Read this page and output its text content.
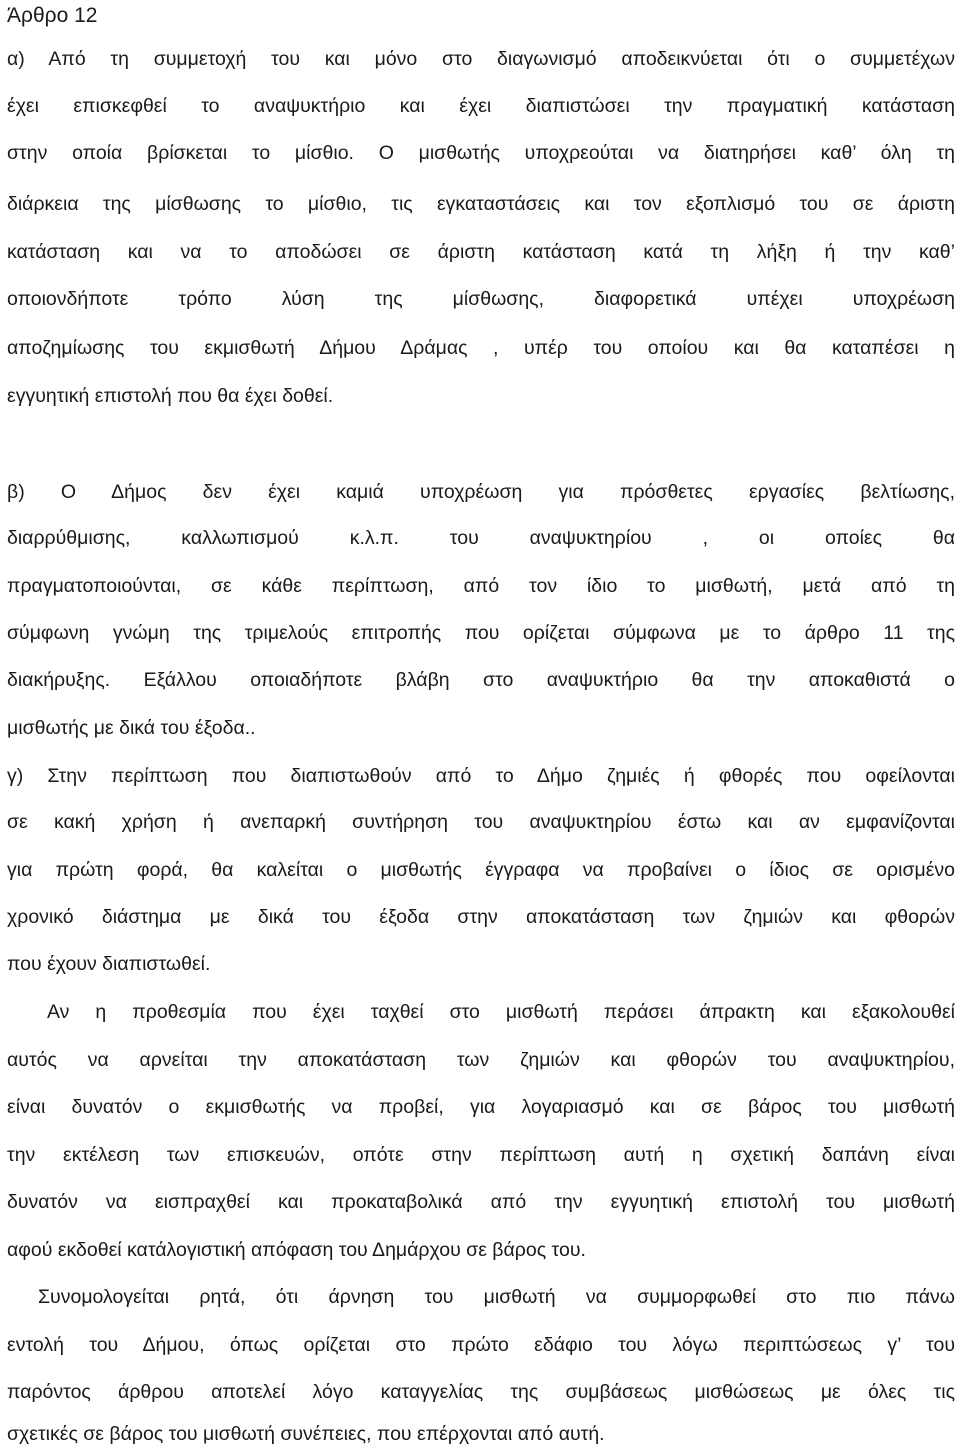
Άρθρο 12
α) Από τη συμμετοχή του και μόνο στο διαγωνισμό αποδεικνύεται ότι ο συμμετέχων
έχει επισκεφθεί το αναψυκτήριο και έχει διαπιστώσει την πραγματική κατάσταση
στην οποία βρίσκεται το μίσθιο. Ο μισθωτής υποχρεούται να διατηρήσει καθ’ όλη τη
διάρκεια της μίσθωσης το μίσθιο, τις εγκαταστάσεις και τον εξοπλισμό του σε άριστη
κατάσταση και να το αποδώσει σε άριστη κατάσταση κατά τη λήξη ή την καθ’
οποιονδήποτε τρόπο λύση της μίσθωσης, διαφορετικά υπέχει υποχρέωση
αποζημίωσης του εκμισθωτή Δήμου Δράμας , υπέρ του οποίου και θα καταπέσει η
εγγυητική επιστολή που θα έχει δοθεί.
β) Ο Δήμος δεν έχει καμιά υποχρέωση για πρόσθετες εργασίες βελτίωσης,
διαρρύθμισης, καλλωπισμού κ.λ.π. του αναψυκτηρίου , οι οποίες θα
πραγματοποιούνται, σε κάθε περίπτωση, από τον ίδιο το μισθωτή, μετά από τη
σύμφωνη γνώμη της τριμελούς επιτροπής που ορίζεται σύμφωνα με το άρθρο 11 της
διακήρυξης. Εξάλλου οποιαδήποτε βλάβη στο αναψυκτήριο θα την αποκαθιστά ο
μισθωτής με δικά του έξοδα..
γ) Στην περίπτωση που διαπιστωθούν από το Δήμο ζημιές ή φθορές που οφείλονται
σε κακή χρήση ή ανεπαρκή συντήρηση του αναψυκτηρίου έστω και αν εμφανίζονται
για πρώτη φορά, θα καλείται ο μισθωτής έγγραφα να προβαίνει ο ίδιος σε ορισμένο
χρονικό διάστημα με δικά του έξοδα στην αποκατάσταση των ζημιών και φθορών
που έχουν διαπιστωθεί.
Αν η προθεσμία που έχει ταχθεί στο μισθωτή περάσει άπρακτη και εξακολουθεί
αυτός να αρνείται την αποκατάσταση των ζημιών και φθορών του αναψυκτηρίου,
είναι δυνατόν ο εκμισθωτής να προβεί, για λογαριασμό και σε βάρος του μισθωτή
την εκτέλεση των επισκευών, οπότε στην περίπτωση αυτή η σχετική δαπάνη είναι
δυνατόν να εισπραχθεί και προκαταβολικά από την εγγυητική επιστολή του μισθωτή
αφού εκδοθεί κατάλογιστική απόφαση του Δημάρχου σε βάρος του.
Συνομολογείται ρητά, ότι άρνηση του μισθωτή να συμμορφωθεί στο πιο πάνω
εντολή του Δήμου, όπως ορίζεται στο πρώτο εδάφιο του λόγω περιπτώσεως γ’ του
παρόντος άρθρου αποτελεί λόγο καταγγελίας της συμβάσεως μισθώσεως με όλες τις
σχετικές σε βάρος του μισθωτή συνέπειες, που επέρχονται από αυτή.
